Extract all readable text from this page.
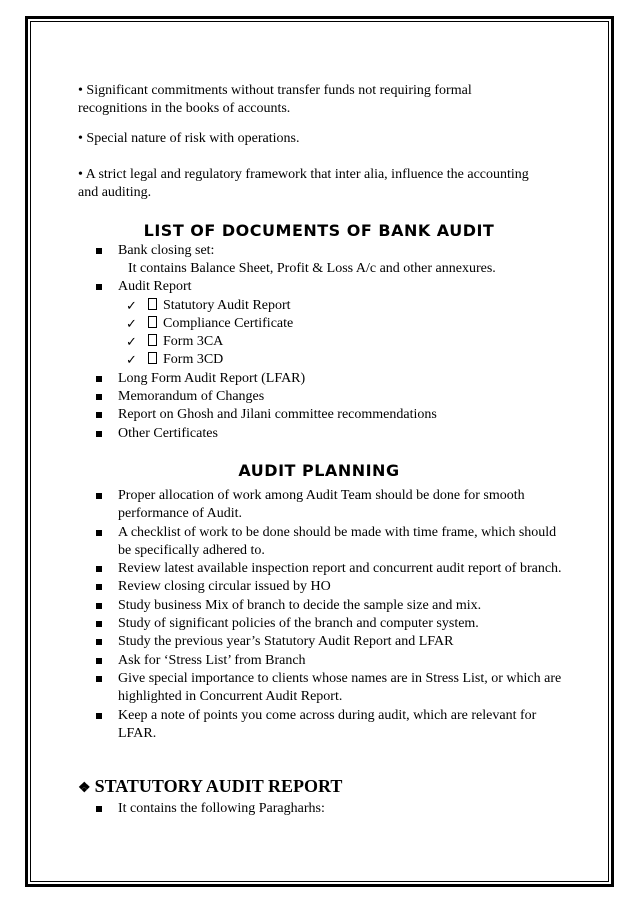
• Significant commitments without transfer funds not requiring formal recognitions in the books of accounts.

• Special nature of risk with operations.

• A strict legal and regulatory framework that inter alia, influence the accounting and auditing.

LIST OF DOCUMENTS OF BANK AUDIT
Bank closing set:
It contains Balance Sheet, Profit & Loss A/c and other annexures.
Audit Report
✓ Statutory Audit Report
✓ Compliance Certificate
✓ Form 3CA
✓ Form 3CD
Long Form Audit Report (LFAR)
Memorandum of Changes
Report on Ghosh and Jilani committee recommendations
Other Certificates
AUDIT PLANNING
Proper allocation of work among Audit Team should be done for smooth performance of Audit.
A checklist of work to be done should be made with time frame, which should be specifically adhered to.
Review latest available inspection report and concurrent audit report of branch.
Review closing circular issued by HO
Study business Mix of branch to decide the sample size and mix.
Study of significant policies of the branch and computer system.
Study the previous year’s Statutory Audit Report and LFAR
Ask for ‘Stress List’ from Branch
Give special importance to clients whose names are in Stress List, or which are highlighted in Concurrent Audit Report.
Keep a note of points you come across during audit, which are relevant for LFAR.
❖ STATUTORY AUDIT REPORT
It contains the following Paragharhs:
